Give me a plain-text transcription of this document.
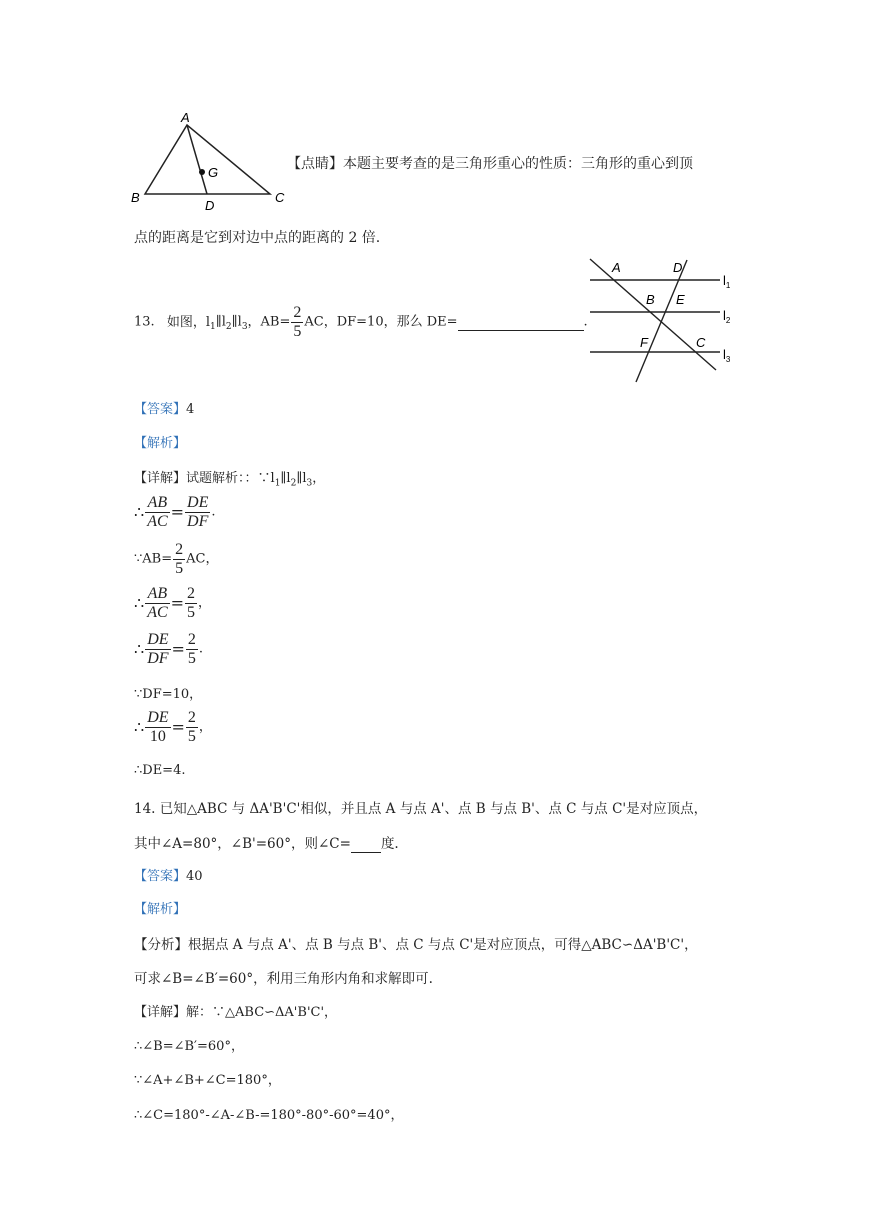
A
G
B
D
C
【点睛】本题主要考查的是三角形重心的性质：三角形的重心到顶
点的距离是它到对边中点的距离的 2 倍.
A	D
B E
F	C
$l_1$
$l_2$
$l_3$
13. 如图，$l_1\parallel l_2\parallel l_3$，$AB= \frac{2}{5}$ AC，DF=10，那么 DE=	.
【答案】4
【解析】
【详解】试题解析：：$\because l_1\parallel l_2\parallel l_3$，
∴ $\frac{AB}{AC} = \frac{DE}{DF}$ .
∵AB= $\frac{2}{5}$ AC，
∴ $\frac{AB}{AC} = \frac{2}{5}$ ，
∴ $\frac{DE}{DF} = \frac{2}{5}$ .
∵DF=10，
∴ $\frac{DE}{10} = \frac{2}{5}$ ，
∴DE=4.
14. 已知△ABC 与 ΔA'B'C'相似，并且点 A 与点 A'、点 B 与点 B'、点 C 与点 C'是对应顶点，
其中∠A=80°，∠B'=60°，则∠C= 度.
【答案】40
【解析】
【分析】根据点 A 与点 A'、点 B 与点 B'、点 C 与点 C'是对应顶点，可得△ABC∽ΔA'B'C'，
可求∠B=∠B′=60°，利用三角形内角和求解即可.
【详解】解：∵△ABC∽ΔA'B'C'，
∴∠B=∠B′=60°，
∵∠A+∠B+∠C=180°，
∴∠C=180°-∠A-∠B-=180°-80°-60°=40°，
